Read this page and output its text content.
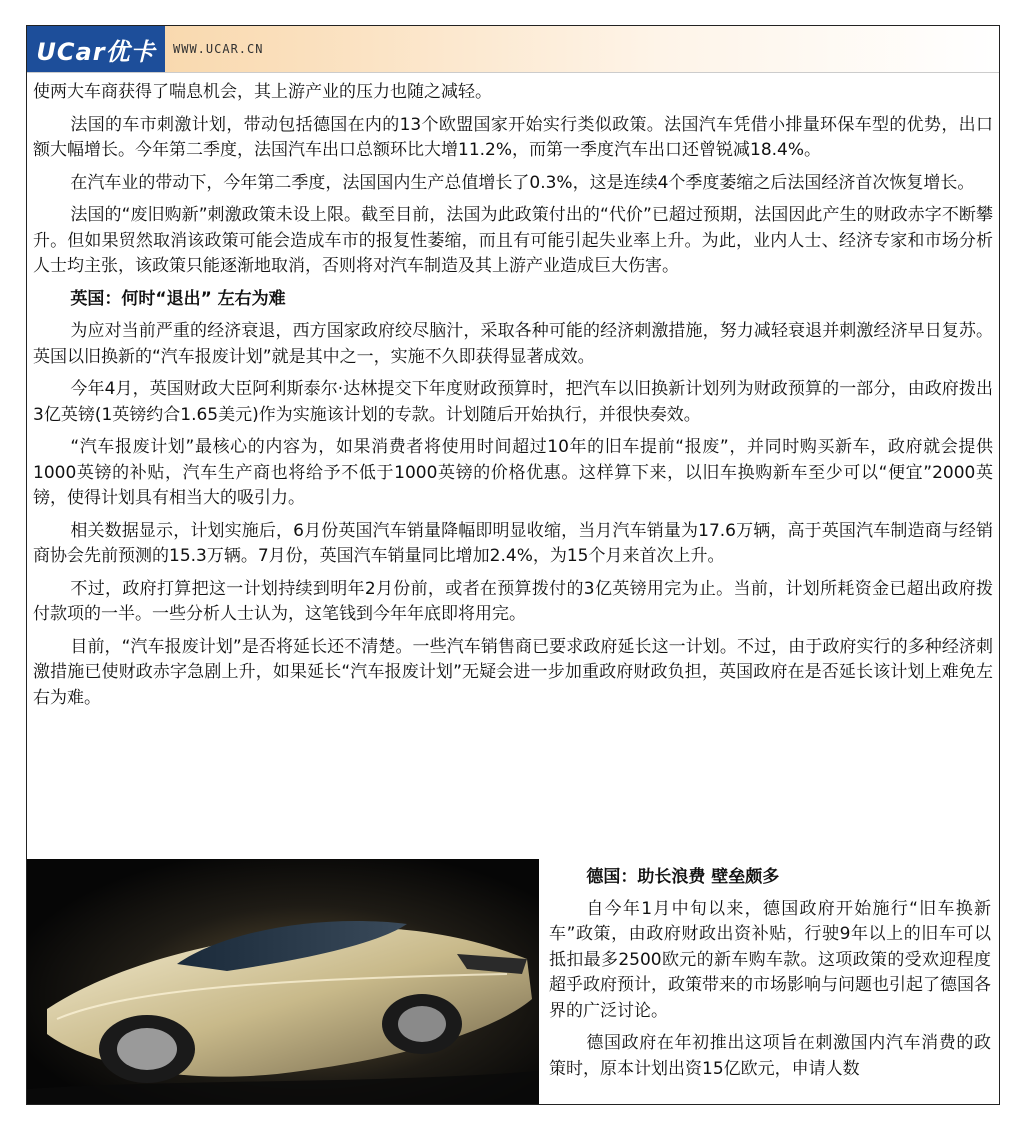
UCar优卡 WWW.UCAR.CN

使两大车商获得了喘息机会，其上游产业的压力也随之减轻。

法国的车市刺激计划，带动包括德国在内的13个欧盟国家开始实行类似政策。法国汽车凭借小排量环保车型的优势，出口额大幅增长。今年第二季度，法国汽车出口总额环比大增11.2%，而第一季度汽车出口还曾锐减18.4%。

在汽车业的带动下，今年第二季度，法国国内生产总值增长了0.3%，这是连续4个季度萎缩之后法国经济首次恢复增长。

法国的“废旧购新”刺激政策未设上限。截至目前，法国为此政策付出的“代价”已超过预期，法国因此产生的财政赤字不断攀升。但如果贸然取消该政策可能会造成车市的报复性萎缩，而且有可能引起失业率上升。为此，业内人士、经济专家和市场分析人士均主张，该政策只能逐渐地取消，否则将对汽车制造及其上游产业造成巨大伤害。

英国：何时“退出” 左右为难

为应对当前严重的经济衰退，西方国家政府绞尽脑汁，采取各种可能的经济刺激措施，努力减轻衰退并刺激经济早日复苏。英国以旧换新的“汽车报废计划”就是其中之一，实施不久即获得显著成效。

今年4月，英国财政大臣阿利斯泰尔·达林提交下年度财政预算时，把汽车以旧换新计划列为财政预算的一部分，由政府拨出3亿英镑(1英镑约合1.65美元)作为实施该计划的专款。计划随后开始执行，并很快奏效。

“汽车报废计划”最核心的内容为，如果消费者将使用时间超过10年的旧车提前“报废”，并同时购买新车，政府就会提供1000英镑的补贴，汽车生产商也将给予不低于1000英镑的价格优惠。这样算下来，以旧车换购新车至少可以“便宜”2000英镑，使得计划具有相当大的吸引力。

相关数据显示，计划实施后，6月份英国汽车销量降幅即明显收缩，当月汽车销量为17.6万辆，高于英国汽车制造商与经销商协会先前预测的15.3万辆。7月份，英国汽车销量同比增加2.4%，为15个月来首次上升。

不过，政府打算把这一计划持续到明年2月份前，或者在预算拨付的3亿英镑用完为止。当前，计划所耗资金已超出政府拨付款项的一半。一些分析人士认为，这笔钱到今年年底即将用完。

目前，“汽车报废计划”是否将延长还不清楚。一些汽车销售商已要求政府延长这一计划。不过，由于政府实行的多种经济刺激措施已使财政赤字急剧上升，如果延长“汽车报废计划”无疑会进一步加重政府财政负担，英国政府在是否延长该计划上难免左右为难。

德国：助长浪费 壁垒颇多

自今年1月中旬以来，德国政府开始施行“旧车换新车”政策，由政府财政出资补贴，行驶9年以上的旧车可以抵扣最多2500欧元的新车购车款。这项政策的受欢迎程度超乎政府预计，政策带来的市场影响与问题也引起了德国各界的广泛讨论。

德国政府在年初推出这项旨在刺激国内汽车消费的政策时，原本计划出资15亿欧元，申请人数
